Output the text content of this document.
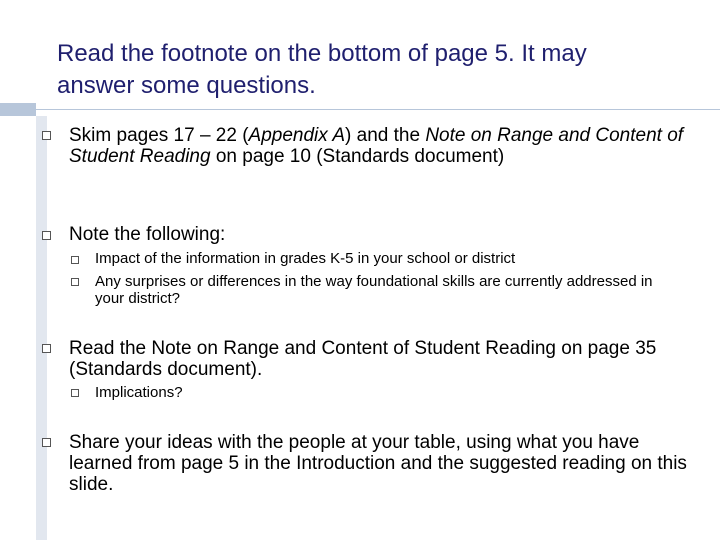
Read the footnote on the bottom of page 5. It may answer some questions.
Skim pages 17 – 22 (Appendix A) and the Note on Range and Content of Student Reading on page 10 (Standards document)
Note the following:
Impact of the information in grades K-5 in your school or district
Any surprises or differences in the way foundational skills are currently addressed in your district?
Read the Note on Range and Content of Student Reading on page 35 (Standards document).
Implications?
Share your ideas with the people at your table, using what you have learned from page 5 in the Introduction and the suggested reading on this slide.
